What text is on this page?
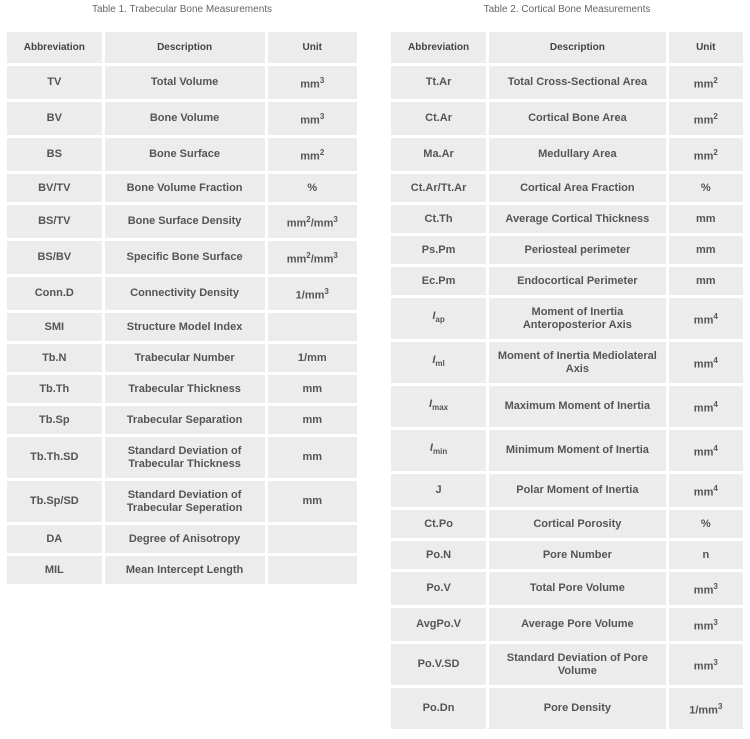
Table 1. Trabecular Bone Measurements
Abbreviation	Description	Unit
TV	Total Volume	$mm^3$
BV	Bone Volume	$mm^3$
BS	Bone Surface	$mm^2$
BV/TV	Bone Volume Fraction	%
BS/TV	Bone Surface Density	$mm^2/mm^3$
BS/BV	Specific Bone Surface	$mm^2/mm^3$
Conn.D	Connectivity Density	$1/mm^3$
SMI	Structure Model Index	
Tb.N	Trabecular Number	1/mm
Tb.Th	Trabecular Thickness	mm
Tb.Sp	Trabecular Separation	mm
Tb.Th.SD	Standard Deviation of Trabecular Thickness	mm
Tb.Sp/SD	Standard Deviation of Trabecular Seperation	mm
DA	Degree of Anisotropy	
MIL	Mean Intercept Length	
Table 2. Cortical Bone Measurements
Abbreviation	Description	Unit
Tt.Ar	Total Cross-Sectional Area	$mm^2$
Ct.Ar	Cortical Bone Area	$mm^2$
Ma.Ar	Medullary Area	$mm^2$
Ct.Ar/Tt.Ar	Cortical Area Fraction	%
Ct.Th	Average Cortical Thickness	mm
Ps.Pm	Periosteal perimeter	mm
Ec.Pm	Endocortical Perimeter	mm
$I_{ap}$	Moment of Inertia Anteroposterior Axis	$mm^4$
$I_{ml}$	Moment of Inertia Mediolateral Axis	$mm^4$
$I_{max}$	Maximum Moment of Inertia	$mm^4$
$I_{min}$	Minimum Moment of Inertia	$mm^4$
J	Polar Moment of Inertia	$mm^4$
Ct.Po	Cortical Porosity	%
Po.N	Pore Number	n
Po.V	Total Pore Volume	$mm^3$
AvgPo.V	Average Pore Volume	$mm^3$
Po.V.SD	Standard Deviation of Pore Volume	$mm^3$
Po.Dn	Pore Density	$1/mm^3$
